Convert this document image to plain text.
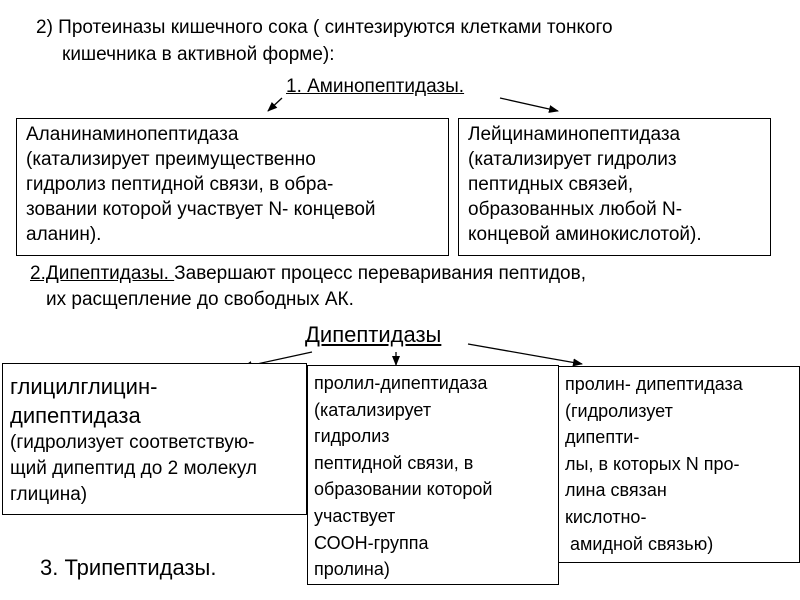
2) Протеиназы кишечного сока ( синтезируются клетками тонкого
кишечника в активной форме):
1. Аминопептидазы.
Аланинаминопептидаза
(катализирует преимущественно
гидролиз пептидной связи, в обра-
зовании которой участвует N- концевой
аланин).
Лейцинаминопептидаза
(катализирует гидролиз
пептидных связей,
образованных любой N-
концевой аминокислотой).
2.Дипептидазы. Завершают процесс переваривания пептидов,
их расщепление до свободных АК.
Дипептидазы
глицилглицин-
дипептидаза
(гидролизует соответствую-
щий дипептид до 2 молекул
глицина)
пролил-дипептидаза
(катализирует
гидролиз
пептидной связи, в
образовании которой
участвует
СООН-группа
пролина)
пролин- дипептидаза
(гидролизует
дипепти-
лы, в которых N про-
лина связан
кислотно-
амидной связью)
3. Трипептидазы.
